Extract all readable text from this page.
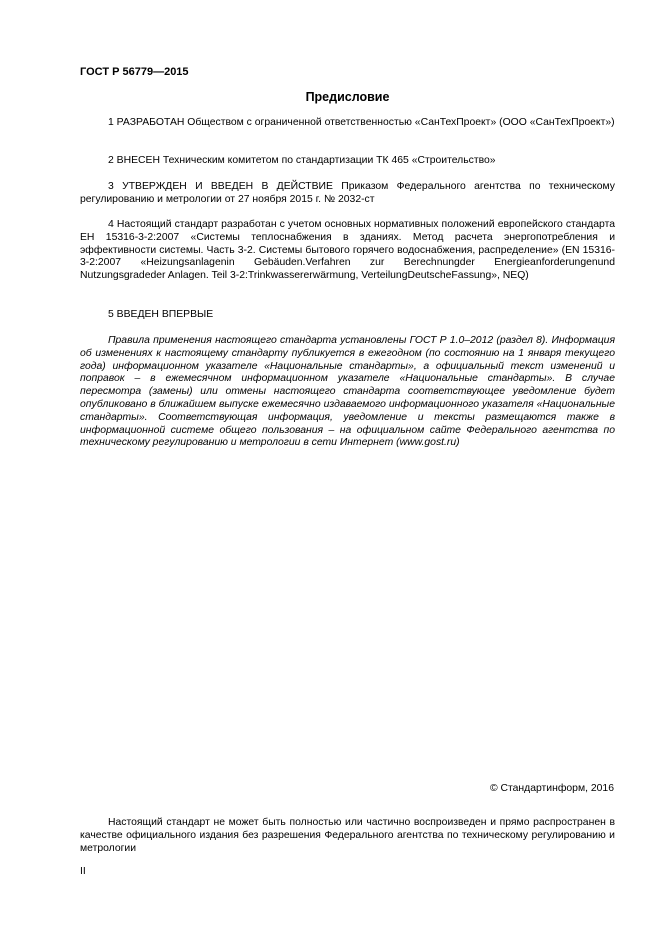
ГОСТ Р 56779—2015
Предисловие

1 РАЗРАБОТАН Обществом с ограниченной ответственностью «СанТехПроект» (ООО «СанТехПроект»)

2 ВНЕСЕН Техническим комитетом по стандартизации ТК 465 «Строительство»

3 УТВЕРЖДЕН И ВВЕДЕН В ДЕЙСТВИЕ Приказом Федерального агентства по техническому регулированию и метрологии от 27 ноября 2015 г. № 2032-ст

4 Настоящий стандарт разработан с учетом основных нормативных положений европейского стандарта ЕН 15316-3-2:2007 «Системы теплоснабжения в зданиях. Метод расчета энергопотребления и эффективности системы. Часть 3-2. Системы бытового горячего водоснабжения, распределение» (EN 15316-3-2:2007 «Heizungsanlagenin Gebäuden.Verfahren zur Berechnungder Energieanforderungenund Nutzungsgradeder Anlagen. Teil 3-2:Trinkwassererwärmung, VerteilungDeutscheFassung», NEQ)

5 ВВЕДЕН ВПЕРВЫЕ

Правила применения настоящего стандарта установлены ГОСТ Р 1.0–2012 (раздел 8). Информация об изменениях к настоящему стандарту публикуется в ежегодном (по состоянию на 1 января текущего года) информационном указателе «Национальные стандарты», а официальный текст изменений и поправок – в ежемесячном информационном указателе «Национальные стандарты». В случае пересмотра (замены) или отмены настоящего стандарта соответствующее уведомление будет опубликовано в ближайшем выпуске ежемесячно издаваемого информационного указателя «Национальные стандарты». Соответствующая информация, уведомление и тексты размещаются также в информационной системе общего пользования – на официальном сайте Федерального агентства по техническому регулированию и метрологии в сети Интернет (www.gost.ru)

© Стандартинформ, 2016

Настоящий стандарт не может быть полностью или частично воспроизведен и прямо распространен в качестве официального издания без разрешения Федерального агентства по техническому регулированию и метрологии

II
